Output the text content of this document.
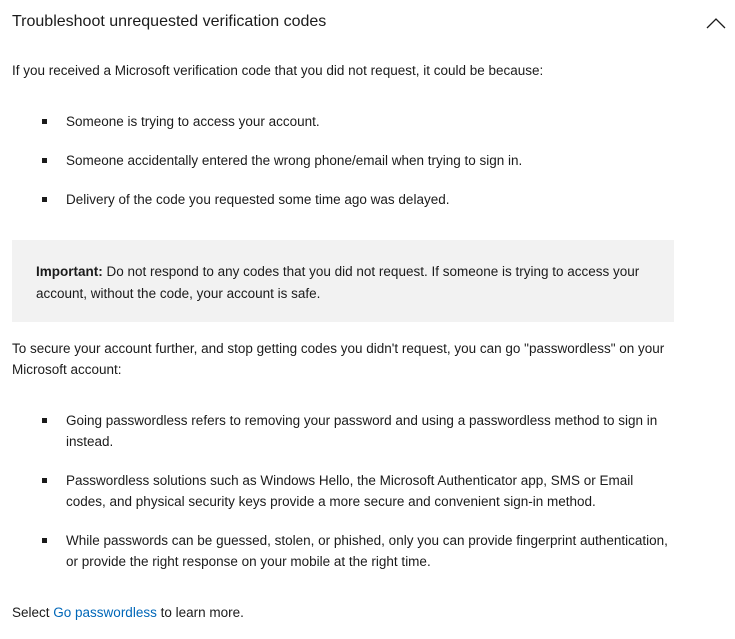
Troubleshoot unrequested verification codes

If you received a Microsoft verification code that you did not request, it could be because:

Someone is trying to access your account.
Someone accidentally entered the wrong phone/email when trying to sign in.
Delivery of the code you requested some time ago was delayed.
Important: Do not respond to any codes that you did not request. If someone is trying to access your account, without the code, your account is safe.

To secure your account further, and stop getting codes you didn't request, you can go "passwordless" on your Microsoft account:

Going passwordless refers to removing your password and using a passwordless method to sign in instead.
Passwordless solutions such as Windows Hello, the Microsoft Authenticator app, SMS or Email codes, and physical security keys provide a more secure and convenient sign-in method.
While passwords can be guessed, stolen, or phished, only you can provide fingerprint authentication, or provide the right response on your mobile at the right time.

Select Go passwordless to learn more.
